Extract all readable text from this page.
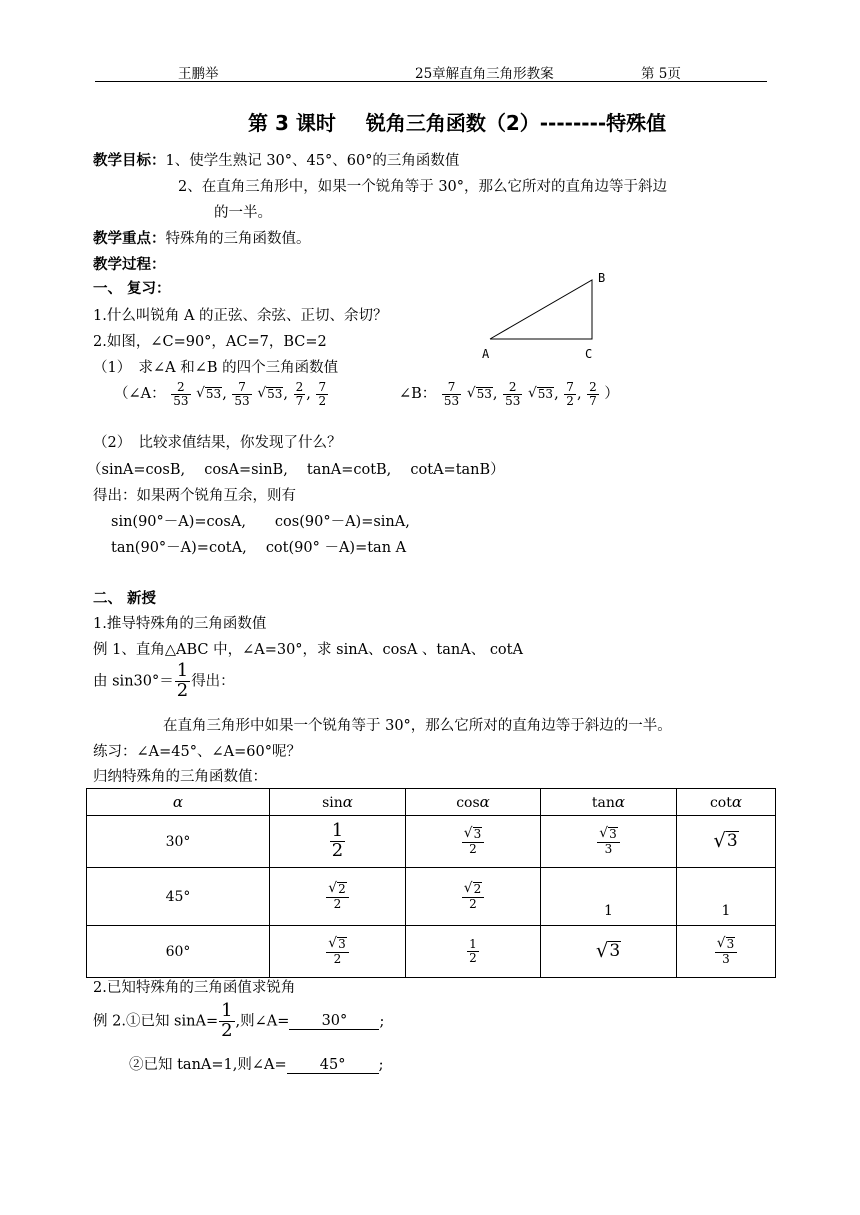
王鹏举	25章解直角三角形教案	第 5页
第 3 课时 锐角三角函数（2）--------特殊值
教学目标：1、使学生熟记 30°、45°、60°的三角函数值
2、在直角三角形中，如果一个锐角等于 30°，那么它所对的直角边等于斜边
的一半。
教学重点：特殊角的三角函数值。
教学过程：
一、 复习：
1.什么叫锐角 A 的正弦、余弦、正切、余切？
2.如图，∠C=90°，AC=7，BC=2
（1）　求∠A 和∠B 的四个三角函数值
B
A	C
（∠A： $\frac{2}{53}$
√ 53 , $\frac{7}{53}$
√ 53 , $\frac{2}{7}$ , $\frac{7}{2}$	∠B： $\frac{7}{53}$
√ 53 , $\frac{2}{53}$
√ 53 , $\frac{7}{2}$ , $\frac{2}{7}$ ）
（2）　比较求值结果，你发现了什么？
（sinA=cosB,　 cosA=sinB,　 tanA=cotB,　 cotA=tanB）
得出：如果两个锐角互余，则有
sin(90°－A)=cosA,　　cos(90°－A)=sinA,
tan(90°－A)=cotA,　 cot(90° －A)=tan A
二、 新授
1.推导特殊角的三角函数值
例 1、直角△ABC 中，∠A=30°，求 sinA、cosA 、tanA、 cotA
由 $\sin 30^\circ= \frac{1}{2}$ 得出：
在直角三角形中如果一个锐角等于 30°，那么它所对的直角边等于斜边的一半。
练习：∠A=45°、∠A=60°呢？
归纳特殊角的三角函数值：
α	sinα	cosα	tanα	cotα
30°	$\frac{1}{2}$	$\frac{√ 3}{2}$	$\frac{√ 3}{3}$	√ 3

45°	$\frac{√ 2}{2}$	$\frac{√ 2}{2}$	1	1
60°	$\frac{√ 3}{2}$	$\frac{1}{2}$	√ 3	$\frac{√ 3}{3}$
2.已知特殊角的三角函值求锐角
例 2.①已知 $\sin A= \frac{1}{2}$ ,则∠A= 30° ;
②已知 tanA=1,则∠A= 45° ;
